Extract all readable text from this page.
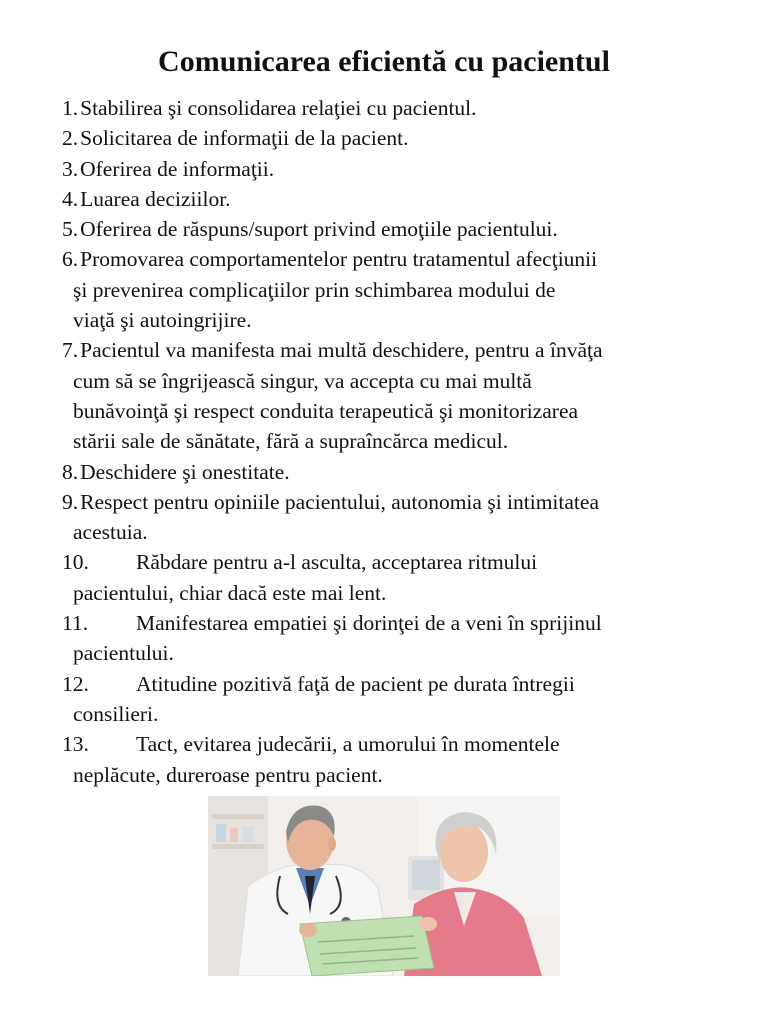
Comunicarea eficientă cu pacientul
1.Stabilirea şi consolidarea relaţiei cu pacientul.
2.Solicitarea de informaţii de la pacient.
3.Oferirea de informaţii.
4.Luarea deciziilor.
5.Oferirea de răspuns/suport privind emoţiile pacientului.
6.Promovarea comportamentelor pentru tratamentul afecţiunii
şi prevenirea complicaţiilor prin schimbarea modului de
viaţă şi autoingrijire.
7.Pacientul va manifesta mai multă deschidere, pentru a învăţa
cum să se îngrijească singur, va accepta cu mai multă
bunăvoinţă şi respect conduita terapeutică şi monitorizarea
stării sale de sănătate, fără a supraîncărca medicul.
8.Deschidere şi onestitate.
9.Respect pentru opiniile pacientului, autonomia şi intimitatea
acestuia.
10. Răbdare pentru a-l asculta, acceptarea ritmului
pacientului, chiar dacă este mai lent.
11. Manifestarea empatiei şi dorinţei de a veni în sprijinul
pacientului.
12. Atitudine pozitivă faţă de pacient pe durata întregii
consilieri.
13. Tact, evitarea judecării, a umorului în momentele
neplăcute, dureroase pentru pacient.
